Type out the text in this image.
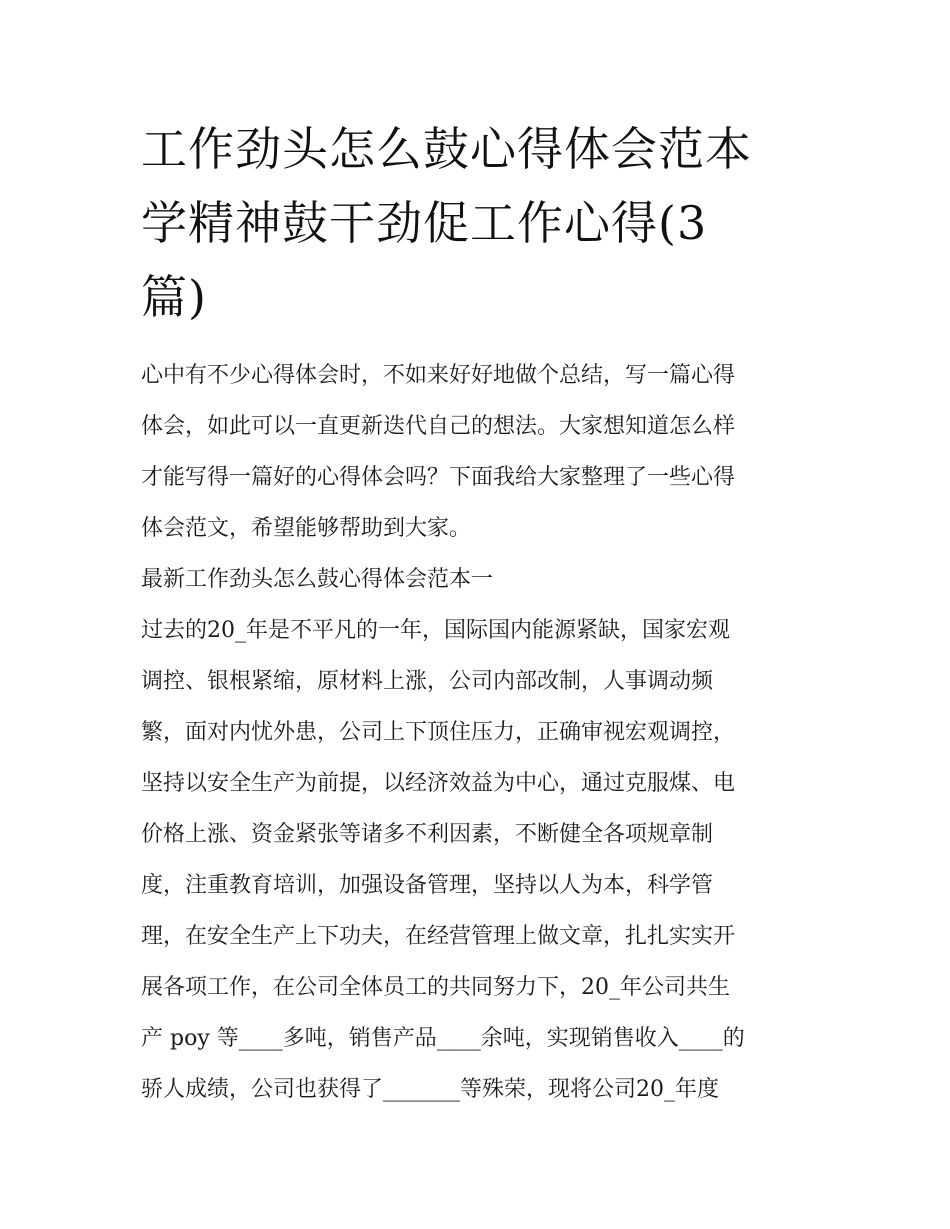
工作劲头怎么鼓心得体会范本
学精神鼓干劲促工作心得(3
篇)

心中有不少心得体会时，不如来好好地做个总结，写一篇心得
体会，如此可以一直更新迭代自己的想法。大家想知道怎么样
才能写得一篇好的心得体会吗？下面我给大家整理了一些心得
体会范文，希望能够帮助到大家。

最新工作劲头怎么鼓心得体会范本一

过去的20_年是不平凡的一年，国际国内能源紧缺，国家宏观
调控、银根紧缩，原材料上涨，公司内部改制，人事调动频
繁，面对内忧外患，公司上下顶住压力，正确审视宏观调控，
坚持以安全生产为前提，以经济效益为中心，通过克服煤、电
价格上涨、资金紧张等诸多不利因素，不断健全各项规章制
度，注重教育培训，加强设备管理，坚持以人为本，科学管
理，在安全生产上下功夫，在经营管理上做文章，扎扎实实开
展各项工作，在公司全体员工的共同努力下，20_年公司共生
产 poy 等____多吨，销售产品____余吨，实现销售收入____的
骄人成绩，公司也获得了_______等殊荣，现将公司20_年度
